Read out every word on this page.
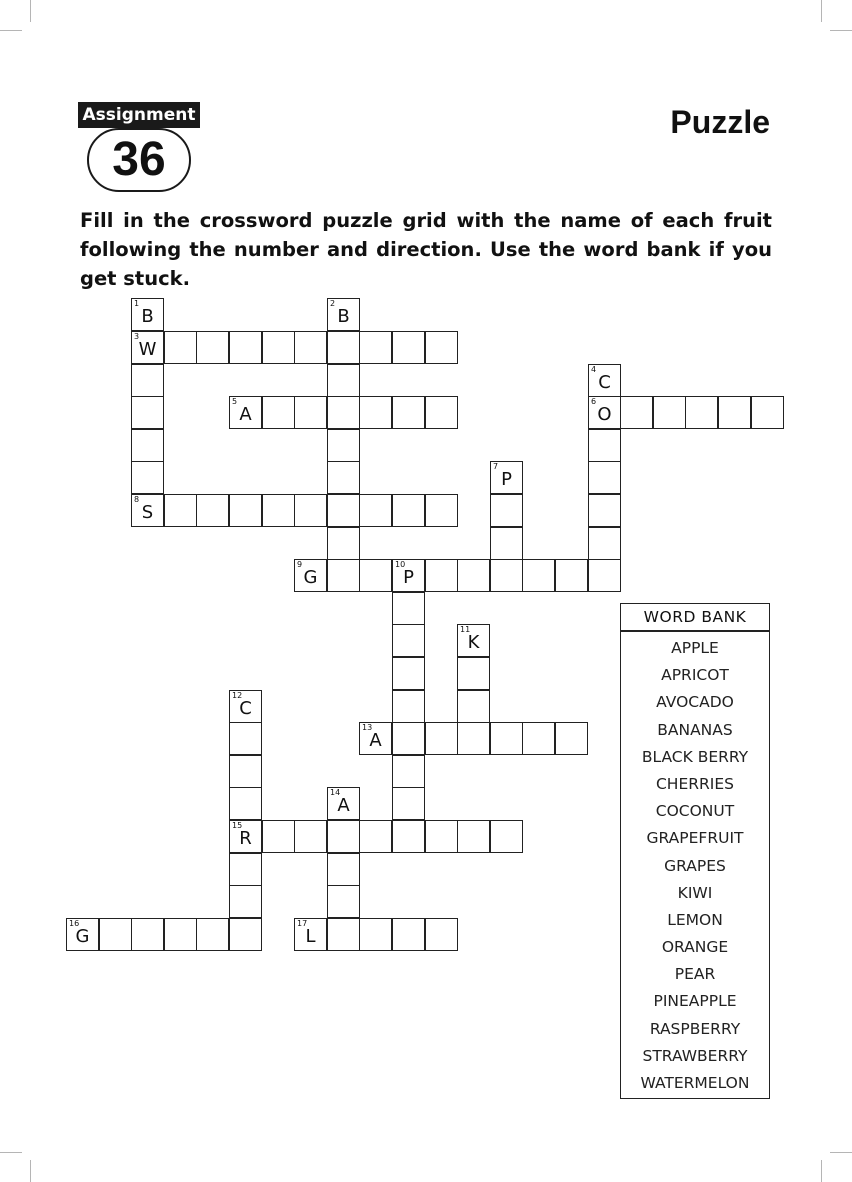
Assignment
36
Puzzle

Fill in the crossword puzzle grid with the name of each fruit following the number and direction. Use the word bank if you get stuck.

3
W
5
A
6
O
8
S
9
G
10
P
13
A
15
R
16
G
17
L
1
B
2
B
4
C
7
P
11
K
12
C
14
A
WORD BANK
APPLE
APRICOT
AVOCADO
BANANAS
BLACK BERRY
CHERRIES
COCONUT
GRAPEFRUIT
GRAPES
KIWI
LEMON
ORANGE
PEAR
PINEAPPLE
RASPBERRY
STRAWBERRY
WATERMELON
